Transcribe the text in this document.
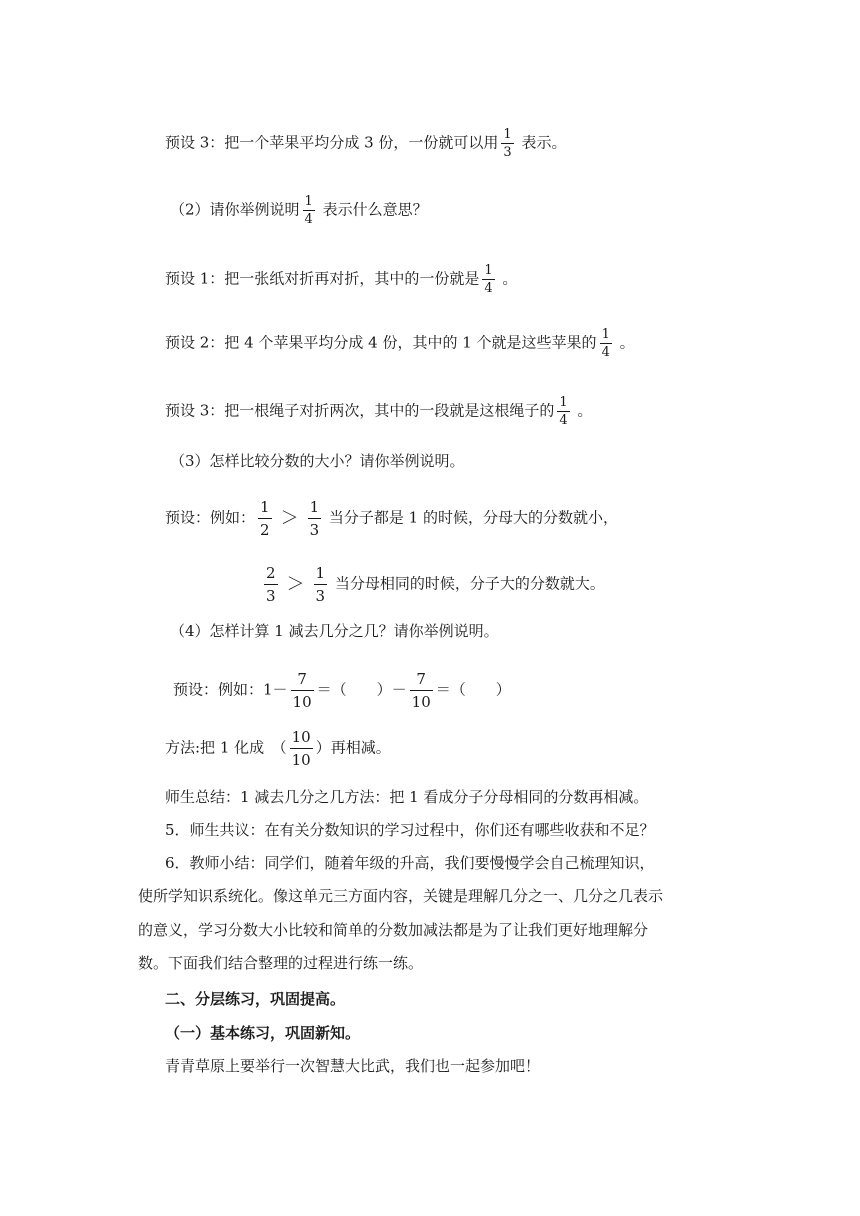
预设 3：把一个苹果平均分成 3 份，一份就可以用 $\frac{1}{3}$ 表示。
（2）请你举例说明 $\frac{1}{4}$ 表示什么意思？
预设 1：把一张纸对折再对折，其中的一份就是 $\frac{1}{4}$ 。
预设 2：把 4 个苹果平均分成 4 份，其中的 1 个就是这些苹果的 $\frac{1}{4}$ 。
预设 3：把一根绳子对折两次，其中的一段就是这根绳子的 $\frac{1}{4}$ 。
（3）怎样比较分数的大小？请你举例说明。
预设：例如： $\frac{1}{2} > \frac{1}{3}$ 当分子都是 1 的时候，分母大的分数就小，
$\frac{2}{3} > \frac{1}{3}$ 当分母相同的时候，分子大的分数就大。
（4）怎样计算 1 减去几分之几？请你举例说明。
预设：例如：$1- \frac{7}{10}$ ＝（　　）－ $\frac{7}{10}$ ＝（　　）
方法:把 1 化成　（ $\frac{10}{10}$ ）再相减。
师生总结：1 减去几分之几方法：把 1 看成分子分母相同的分数再相减。
5．师生共议：在有关分数知识的学习过程中，你们还有哪些收获和不足？
6．教师小结：同学们，随着年级的升高，我们要慢慢学会自己梳理知识，
使所学知识系统化。像这单元三方面内容，关键是理解几分之一、几分之几表示
的意义，学习分数大小比较和简单的分数加减法都是为了让我们更好地理解分
数。下面我们结合整理的过程进行练一练。
二、分层练习，巩固提高。
（一）基本练习，巩固新知。
青青草原上要举行一次智慧大比武，我们也一起参加吧！
